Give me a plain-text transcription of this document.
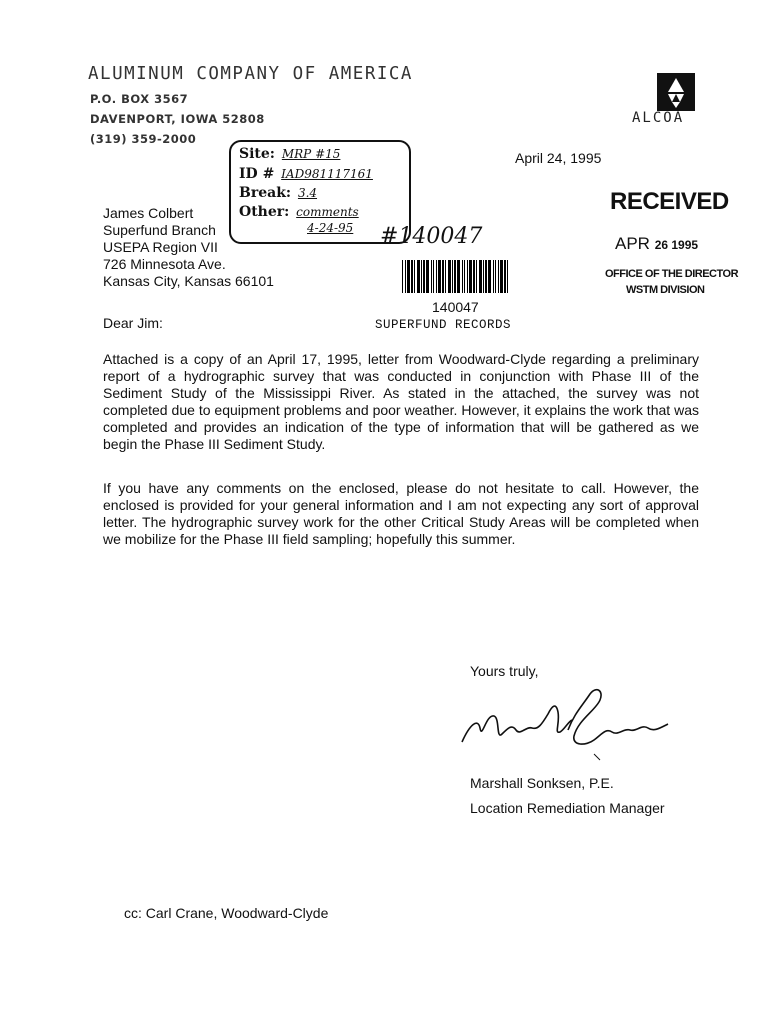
ALUMINUM COMPANY OF AMERICA
P.O. BOX 3567
DAVENPORT, IOWA 52808
(319) 359-2000
ALCOA
April 24, 1995
Site: MRP #15
ID # IAD981117161
Break: 3.4
Other: comments
4-24-95
James Colbert
Superfund Branch
USEPA Region VII
726 Minnesota Ave.
Kansas City, Kansas 66101
#140047
RECEIVED
APR 26 1995
OFFICE OF THE DIRECTOR
WSTM DIVISION
140047
SUPERFUND RECORDS
Dear Jim:
Attached is a copy of an April 17, 1995, letter from Woodward-Clyde regarding a preliminary report of a hydrographic survey that was conducted in conjunction with Phase III of the Sediment Study of the Mississippi River. As stated in the attached, the survey was not completed due to equipment problems and poor weather. However, it explains the work that was completed and provides an indication of the type of information that will be gathered as we begin the Phase III Sediment Study.
If you have any comments on the enclosed, please do not hesitate to call. However, the enclosed is provided for your general information and I am not expecting any sort of approval letter. The hydrographic survey work for the other Critical Study Areas will be completed when we mobilize for the Phase III field sampling; hopefully this summer.
Yours truly,
Marshall Sonksen, P.E.
Location Remediation Manager
cc: Carl Crane, Woodward-Clyde
